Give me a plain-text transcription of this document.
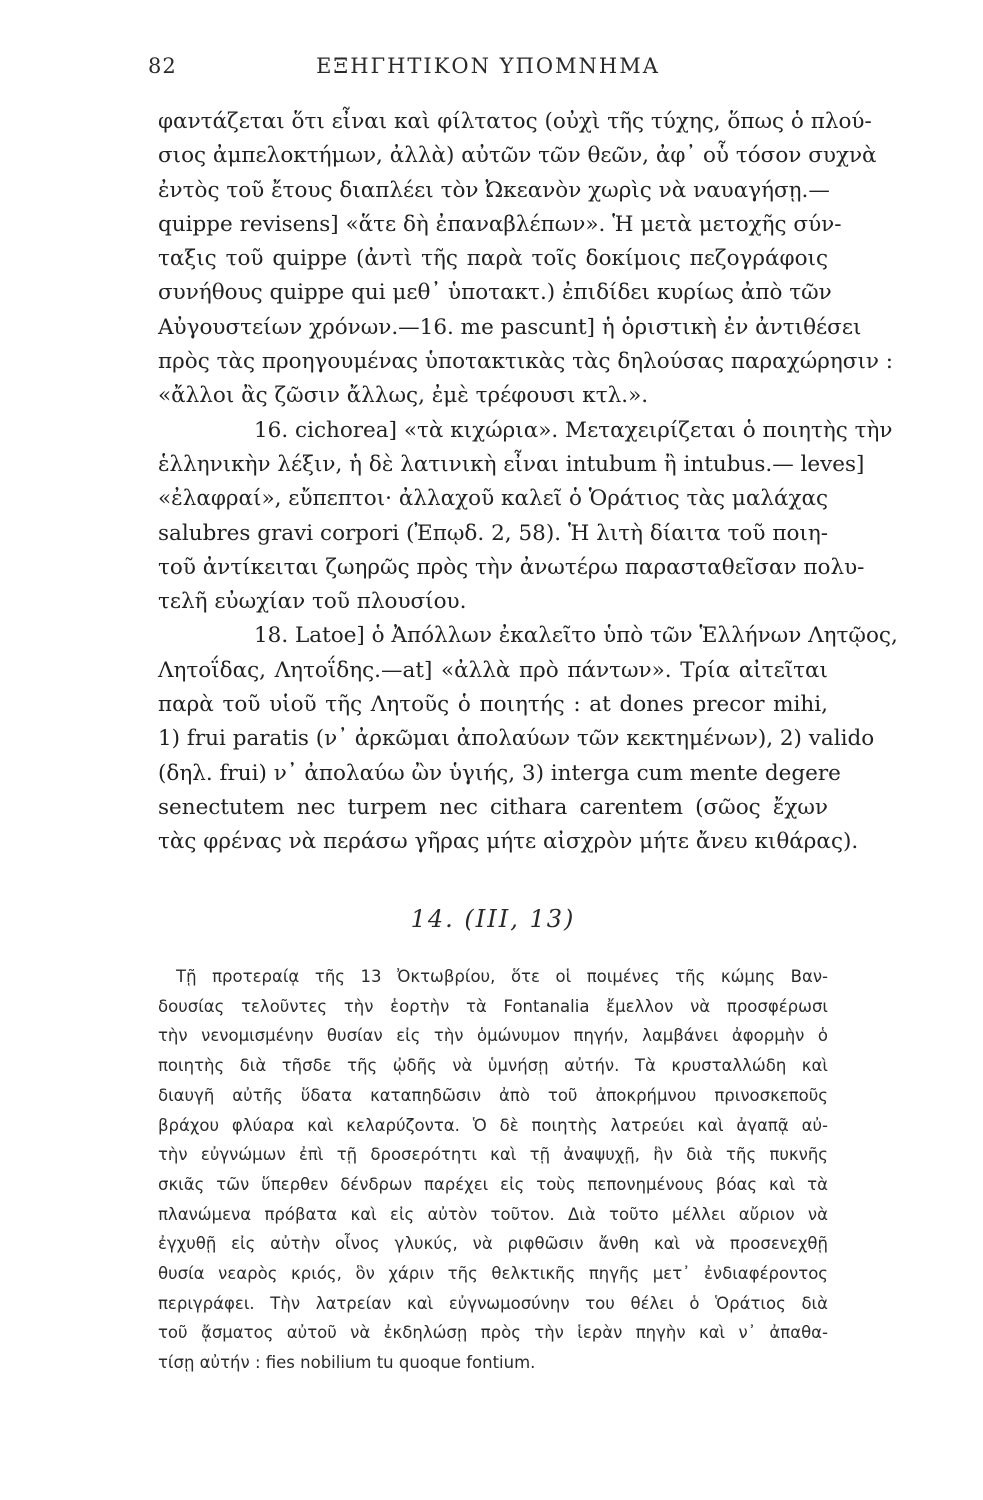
82	ΕΞΗΓΗΤΙΚΟΝ ΥΠΟΜΝΗΜΑ
φαντάζεται ὅτι εἶναι καὶ φίλτατος (οὐχὶ τῆς τύχης, ὅπως ὁ πλού-
σιος ἀμπελοκτήμων, ἀλλὰ) αὐτῶν τῶν θεῶν, ἀφ᾽ οὗ τόσον συχνὰ
ἐντὸς τοῦ ἔτους διαπλέει τὸν Ὠκεανὸν χωρὶς νὰ ναυαγήσῃ.—
quippe revisens] «ἅτε δὴ ἐπαναβλέπων». Ἡ μετὰ μετοχῆς σύν-
ταξις τοῦ quippe (ἀντὶ τῆς παρὰ τοῖς δοκίμοις πεζογράφοις
συνήθους quippe qui μεθ᾽ ὑποτακτ.) ἐπιδίδει κυρίως ἀπὸ τῶν
Αὐγουστείων χρόνων.—16. me pascunt] ἡ ὁριστικὴ ἐν ἀντιθέσει
πρὸς τὰς προηγουμένας ὑποτακτικὰς τὰς δηλούσας παραχώρησιν :
«ἄλλοι ἂς ζῶσιν ἄλλως, ἐμὲ τρέφουσι κτλ.».
16. cichorea] «τὰ κιχώρια». Μεταχειρίζεται ὁ ποιητὴς τὴν
ἑλληνικὴν λέξιν, ἡ δὲ λατινικὴ εἶναι intubum ἢ intubus.— leves]
«ἐλαφραί», εὔπεπτοι· ἀλλαχοῦ καλεῖ ὁ Ὁράτιος τὰς μαλάχας
salubres gravi corpori (Ἐπῳδ. 2, 58). Ἡ λιτὴ δίαιτα τοῦ ποιη-
τοῦ ἀντίκειται ζωηρῶς πρὸς τὴν ἀνωτέρω παρασταθεῖσαν πολυ-
τελῆ εὐωχίαν τοῦ πλουσίου.
18. Latoe] ὁ Ἀπόλλων ἐκαλεῖτο ὑπὸ τῶν Ἑλλήνων Λητῷος,
Λητοΐδας, Λητοΐδης.—at] «ἀλλὰ πρὸ πάντων». Τρία αἰτεῖται
παρὰ τοῦ υἱοῦ τῆς Λητοῦς ὁ ποιητής : at dones precor mihi,
1) frui paratis (ν᾽ ἀρκῶμαι ἀπολαύων τῶν κεκτημένων), 2) valido
(δηλ. frui) ν᾽ ἀπολαύω ὢν ὑγιής, 3) interga cum mente degere
senectutem nec turpem nec cithara carentem (σῶος ἔχων
τὰς φρένας νὰ περάσω γῆρας μήτε αἰσχρὸν μήτε ἄνευ κιθάρας).
14. (III, 13)
Τῇ προτεραίᾳ τῆς 13 Ὀκτωβρίου, ὅτε οἱ ποιμένες τῆς κώμης Βαν-
δουσίας τελοῦντες τὴν ἑορτὴν τὰ Fontanalia ἔμελλον νὰ προσφέρωσι
τὴν νενομισμένην θυσίαν εἰς τὴν ὁμώνυμον πηγήν, λαμβάνει ἀφορμὴν ὁ
ποιητὴς διὰ τῆσδε τῆς ᾠδῆς νὰ ὑμνήσῃ αὐτήν. Τὰ κρυσταλλώδη καὶ
διαυγῆ αὐτῆς ὕδατα καταπηδῶσιν ἀπὸ τοῦ ἀποκρήμνου πρινοσκεποῦς
βράχου φλύαρα καὶ κελαρύζοντα. Ὁ δὲ ποιητὴς λατρεύει καὶ ἀγαπᾷ αὐ-
τὴν εὐγνώμων ἐπὶ τῇ δροσερότητι καὶ τῇ ἀναψυχῇ, ἣν διὰ τῆς πυκνῆς
σκιᾶς τῶν ὕπερθεν δένδρων παρέχει εἰς τοὺς πεπονημένους βόας καὶ τὰ
πλανώμενα πρόβατα καὶ εἰς αὐτὸν τοῦτον. Διὰ τοῦτο μέλλει αὔριον νὰ
ἐγχυθῇ εἰς αὐτὴν οἶνος γλυκύς, νὰ ριφθῶσιν ἄνθη καὶ νὰ προσενεχθῇ
θυσία νεαρὸς κριός, ὃν χάριν τῆς θελκτικῆς πηγῆς μετ᾽ ἐνδιαφέροντος
περιγράφει. Τὴν λατρείαν καὶ εὐγνωμοσύνην του θέλει ὁ Ὁράτιος διὰ
τοῦ ᾄσματος αὐτοῦ νὰ ἐκδηλώσῃ πρὸς τὴν ἱερὰν πηγὴν καὶ ν᾽ ἀπαθα-
τίσῃ αὐτήν : fies nobilium tu quoque fontium.
